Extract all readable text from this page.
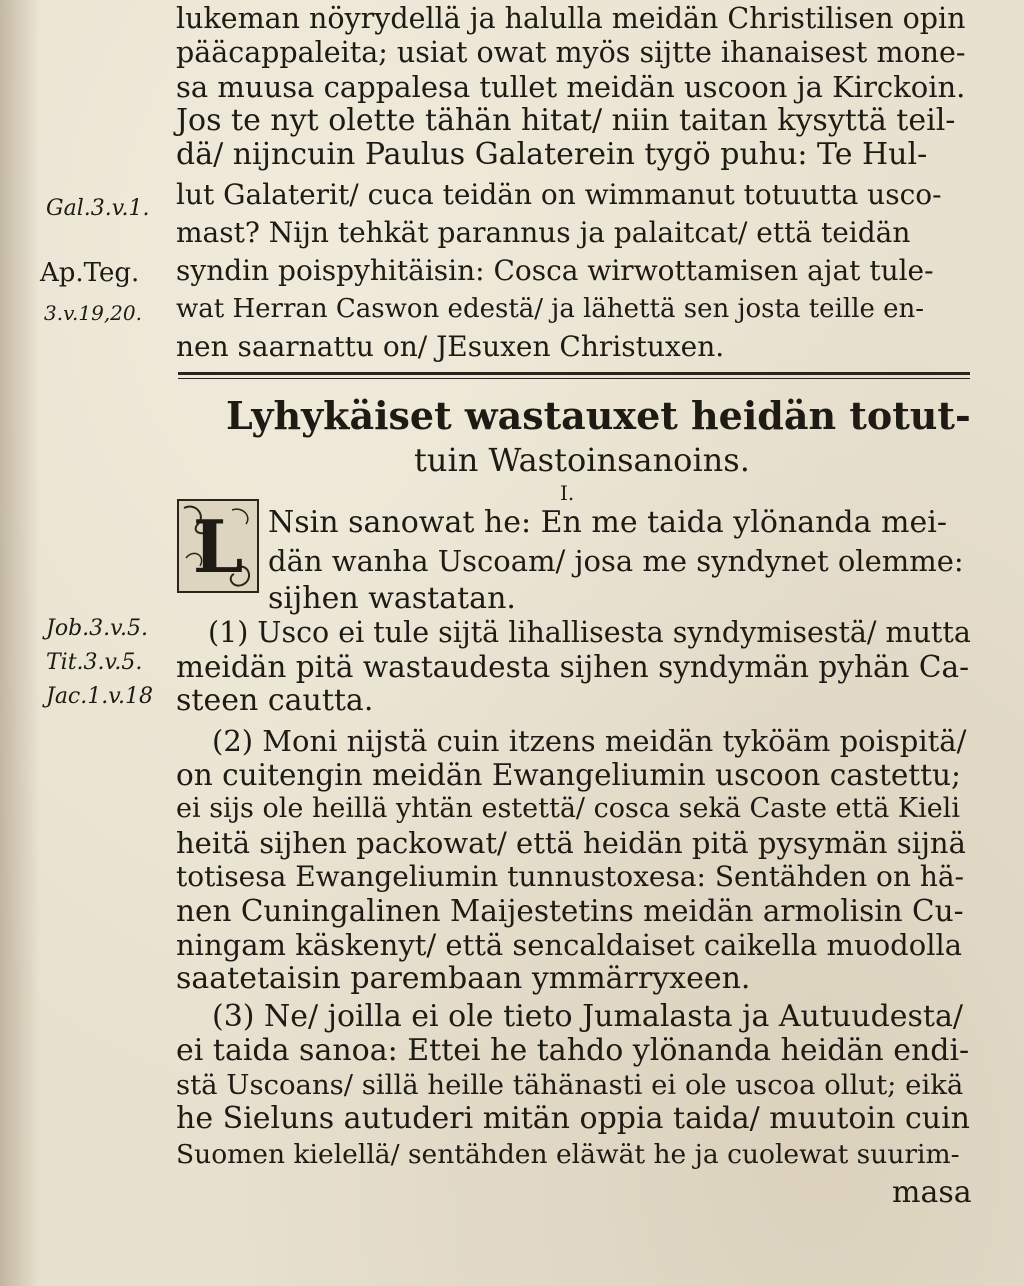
lukeman nöyrydellä ja halulla meidän Christilisen opin
pääcappaleita; usiat owat myös sijtte ihanaisest mone-
sa muusa cappalesa tullet meidän uscoon ja Kirckoin.
Jos te nyt olette tähän hitat/ niin taitan kysyttä teil-
dä/ nijncuin Paulus Galaterein tygö puhu: Te Hul-
lut Galaterit/ cuca teidän on wimmanut totuutta usco-
mast? Nijn tehkät parannus ja palaitcat/ että teidän
syndin poispyhitäisin: Cosca wirwottamisen ajat tule-
wat Herran Caswon edestä/ ja lähettä sen josta teille en-
nen saarnattu on/ JEsuxen Christuxen.
Gal.3.v.1.
Ap.Teg.
3.v.19,20.
Lyhykäiset wastauxet heidän totut-
tuin Wastoinsanoins.
I.
L Nsin sanowat he: En me taida ylönanda mei-
dän wanha Uscoam/ josa me syndynet olemme:
sijhen wastatan.
(1) Usco ei tule sijtä lihallisesta syndymisestä/ mutta
meidän pitä wastaudesta sijhen syndymän pyhän Ca-
steen cautta.
Job.3.v.5.
Tit.3.v.5.
Jac.1.v.18
(2) Moni nijstä cuin itzens meidän tyköäm poispitä/
on cuitengin meidän Ewangeliumin uscoon castettu;
ei sijs ole heillä yhtän estettä/ cosca sekä Caste että Kieli
heitä sijhen packowat/ että heidän pitä pysymän sijnä
totisesa Ewangeliumin tunnustoxesa: Sentähden on hä-
nen Cuningalinen Maijestetins meidän armolisin Cu-
ningam käskenyt/ että sencaldaiset caikella muodolla
saatetaisin parembaan ymmärryxeen.
(3) Ne/ joilla ei ole tieto Jumalasta ja Autuudesta/
ei taida sanoa: Ettei he tahdo ylönanda heidän endi-
stä Uscoans/ sillä heille tähänasti ei ole uscoa ollut; eikä
he Sieluns autuderi mitän oppia taida/ muutoin cuin
Suomen kielellä/ sentähden eläwät he ja cuolewat suurim-
masa
